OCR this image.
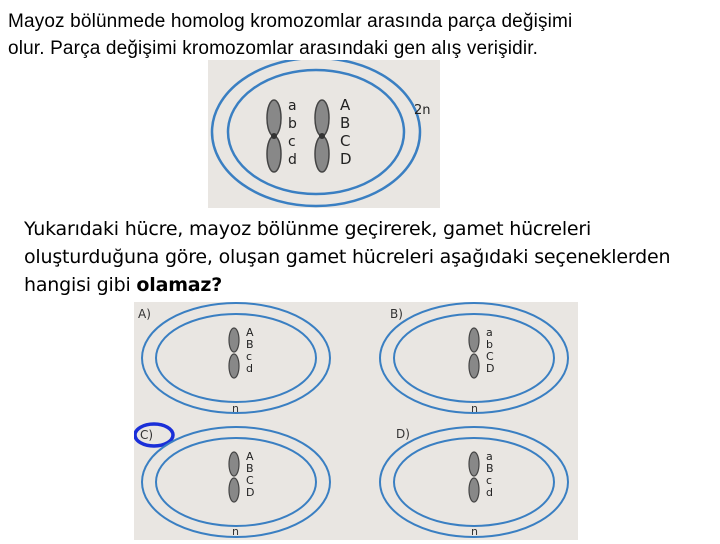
Mayoz bölünmede homolog kromozomlar arasında parça değişimi
olur. Parça değişimi kromozomlar arasındaki gen alış verişidir.
a
b
c
d
A
B
C
D
2n
Yukarıdaki hücre, mayoz bölünme geçirerek, gamet hücreleri
oluşturduğuna göre, oluşan gamet hücreleri aşağıdaki seçeneklerden
hangisi gibi olamaz?
A)
A
B
c
d
n
B)
a
b
C
D
n
C)
A
B
C
D
n
D)
a
B
c
d
n
